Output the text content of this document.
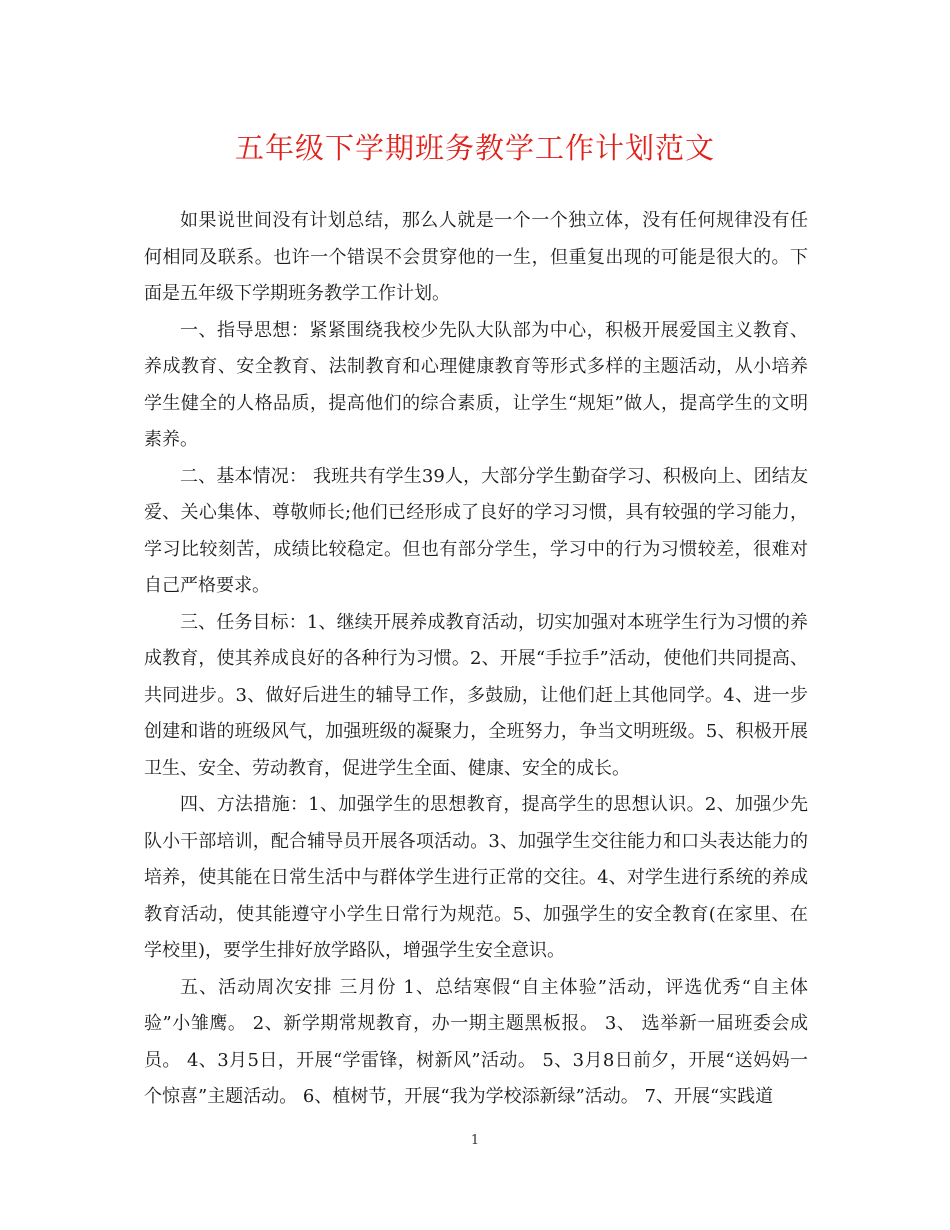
五年级下学期班务教学工作计划范文

如果说世间没有计划总结，那么人就是一个一个独立体，没有任何规律没有任何相同及联系。也许一个错误不会贯穿他的一生，但重复出现的可能是很大的。下面是五年级下学期班务教学工作计划。

一、指导思想：紧紧围绕我校少先队大队部为中心，积极开展爱国主义教育、养成教育、安全教育、法制教育和心理健康教育等形式多样的主题活动，从小培养学生健全的人格品质，提高他们的综合素质，让学生“规矩”做人，提高学生的文明素养。

二、基本情况： 我班共有学生39人，大部分学生勤奋学习、积极向上、团结友爱、关心集体、尊敬师长;他们已经形成了良好的学习习惯，具有较强的学习能力，学习比较刻苦，成绩比较稳定。但也有部分学生，学习中的行为习惯较差，很难对自己严格要求。

三、任务目标：1、继续开展养成教育活动，切实加强对本班学生行为习惯的养成教育，使其养成良好的各种行为习惯。2、开展“手拉手”活动，使他们共同提高、共同进步。3、做好后进生的辅导工作，多鼓励，让他们赶上其他同学。4、进一步创建和谐的班级风气，加强班级的凝聚力，全班努力，争当文明班级。5、积极开展卫生、安全、劳动教育，促进学生全面、健康、安全的成长。

四、方法措施：1、加强学生的思想教育，提高学生的思想认识。2、加强少先队小干部培训，配合辅导员开展各项活动。3、加强学生交往能力和口头表达能力的培养，使其能在日常生活中与群体学生进行正常的交往。4、对学生进行系统的养成教育活动，使其能遵守小学生日常行为规范。5、加强学生的安全教育(在家里、在学校里)，要学生排好放学路队，增强学生安全意识。

五、活动周次安排 三月份 1、总结寒假“自主体验”活动，评选优秀“自主体验”小雏鹰。 2、新学期常规教育，办一期主题黑板报。 3、 选举新一届班委会成员。 4、3月5日，开展“学雷锋，树新风”活动。 5、3月8日前夕，开展“送妈妈一个惊喜”主题活动。 6、植树节，开展“我为学校添新绿”活动。 7、开展“实践道

1
